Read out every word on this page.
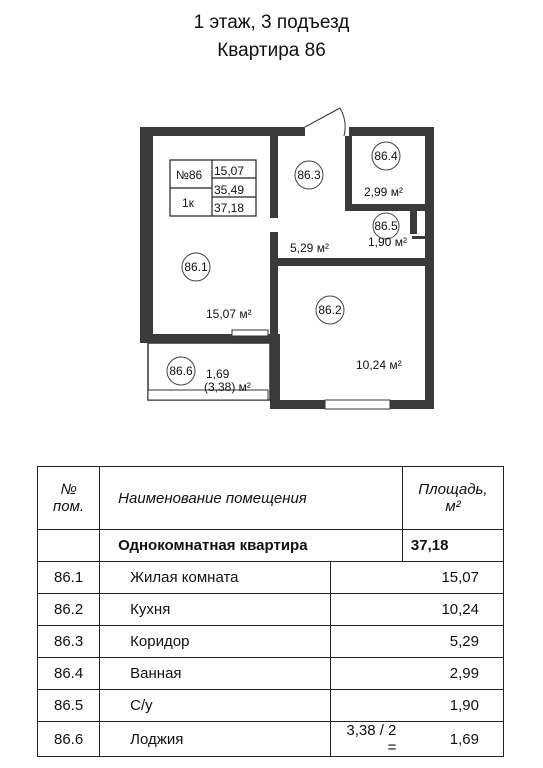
1 этаж, 3 подъезд
Квартира 86
№86
1к
15,07
35,49
37,18
86.1
15,07 м²	86.2
10,24 м²
86.3
5,29 м²
86.4
2,99 м²
86.5
1,90 м²
86.6 1,69
(3,38) м²
№ пом.	Наименование помещения		Площадь, м²
	Однокомнатная квартира		37,18
86.1	Жилая комната		15,07
86.2	Кухня		10,24
86.3	Коридор		5,29
86.4	Ванная		2,99
86.5	С/у		1,90
86.6	Лоджия	3,38 / 2 =	1,69
